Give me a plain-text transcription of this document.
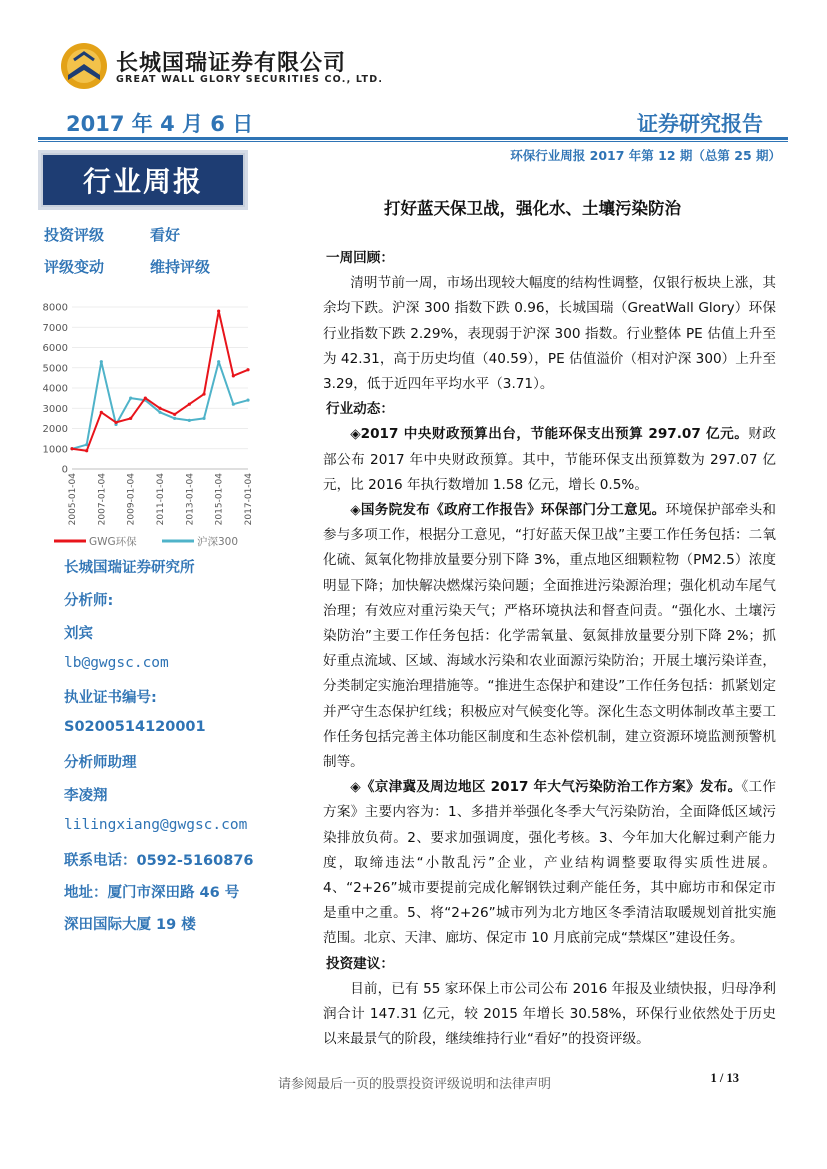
长城国瑞证券有限公司
GREAT WALL GLORY SECURITIES CO., LTD.
2017 年 4 月 6 日	证券研究报告
环保行业周报 2017 年第 12 期（总第 25 期）
行业周报
投资评级	看好
评级变动	维持评级
0
1000
2000
3000
4000
5000
6000
7000
8000
2005-01-04 2007-01-04 2009-01-04 2011-01-04 2013-01-04 2015-01-04 2017-01-04
GWG环保	沪深300
长城国瑞证券研究所
分析师:
刘宾
lb@gwgsc.com
执业证书编号:
S0200514120001
分析师助理
李凌翔
lilingxiang@gwgsc.com
联系电话：0592-5160876
地址：厦门市深田路 46 号
深田国际大厦 19 楼
打好蓝天保卫战，强化水、土壤污染防治

一周回顾：

清明节前一周，市场出现较大幅度的结构性调整，仅银行板块上涨，其余均下跌。沪深 300 指数下跌 0.96，长城国瑞（GreatWall Glory）环保行业指数下跌 2.29%，表现弱于沪深 300 指数。行业整体 PE 估值上升至为 42.31，高于历史均值（40.59），PE 估值溢价（相对沪深 300）上升至 3.29，低于近四年平均水平（3.71）。

行业动态：

◈2017 中央财政预算出台，节能环保支出预算 297.07 亿元。财政部公布 2017 年中央财政预算。其中，节能环保支出预算数为 297.07 亿元，比 2016 年执行数增加 1.58 亿元，增长 0.5%。

◈国务院发布《政府工作报告》环保部门分工意见。环境保护部牵头和参与多项工作，根据分工意见，“打好蓝天保卫战”主要工作任务包括：二氧化硫、氮氧化物排放量要分别下降 3%，重点地区细颗粒物（PM2.5）浓度明显下降；加快解决燃煤污染问题；全面推进污染源治理；强化机动车尾气治理；有效应对重污染天气；严格环境执法和督查问责。“强化水、土壤污染防治”主要工作任务包括：化学需氧量、氨氮排放量要分别下降 2%；抓好重点流域、区域、海域水污染和农业面源污染防治；开展土壤污染详查，分类制定实施治理措施等。“推进生态保护和建设”工作任务包括：抓紧划定并严守生态保护红线；积极应对气候变化等。深化生态文明体制改革主要工作任务包括完善主体功能区制度和生态补偿机制，建立资源环境监测预警机制等。

◈《京津冀及周边地区 2017 年大气污染防治工作方案》发布。《工作方案》主要内容为：1、多措并举强化冬季大气污染防治，全面降低区域污染排放负荷。2、要求加强调度，强化考核。3、今年加大化解过剩产能力度，取缔违法“小散乱污”企业，产业结构调整要取得实质性进展。4、“2+26”城市要提前完成化解钢铁过剩产能任务，其中廊坊市和保定市是重中之重。5、将“2+26”城市列为北方地区冬季清洁取暖规划首批实施范围。北京、天津、廊坊、保定市 10 月底前完成“禁煤区”建设任务。

投资建议：

目前，已有 55 家环保上市公司公布 2016 年报及业绩快报，归母净利润合计 147.31 亿元，较 2015 年增长 30.58%，环保行业依然处于历史以来最景气的阶段，继续维持行业“看好”的投资评级。

请参阅最后一页的股票投资评级说明和法律声明	1 / 13
